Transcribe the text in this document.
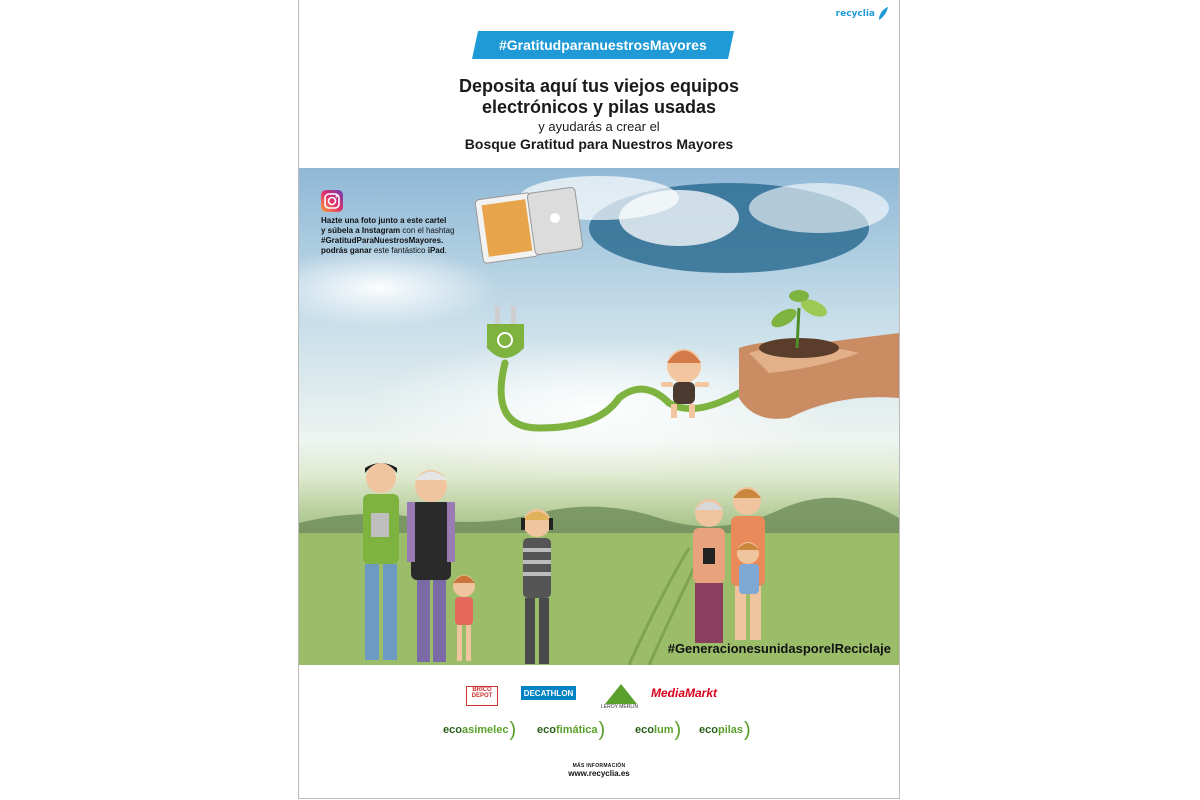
recyclia
#GratitudparanuestrosMayores
Deposita aquí tus viejos equipos
electrónicos y pilas usadas
y ayudarás a crear el
Bosque Gratitud para Nuestros Mayores
Hazte una foto junto a este cartel
y súbela a Instagram con el hashtag
#GratitudParaNuestrosMayores.
podrás ganar este fantástico iPad.
#GeneracionesunidasporelReciclaje
BRICO
DEPOT	DECATHLON
LEROY MERLIN
MediaMarkt
eco asimelec ) eco fimática )	eco lum ) eco pilas )
MÁS INFORMACIÓN
www.recyclia.es
